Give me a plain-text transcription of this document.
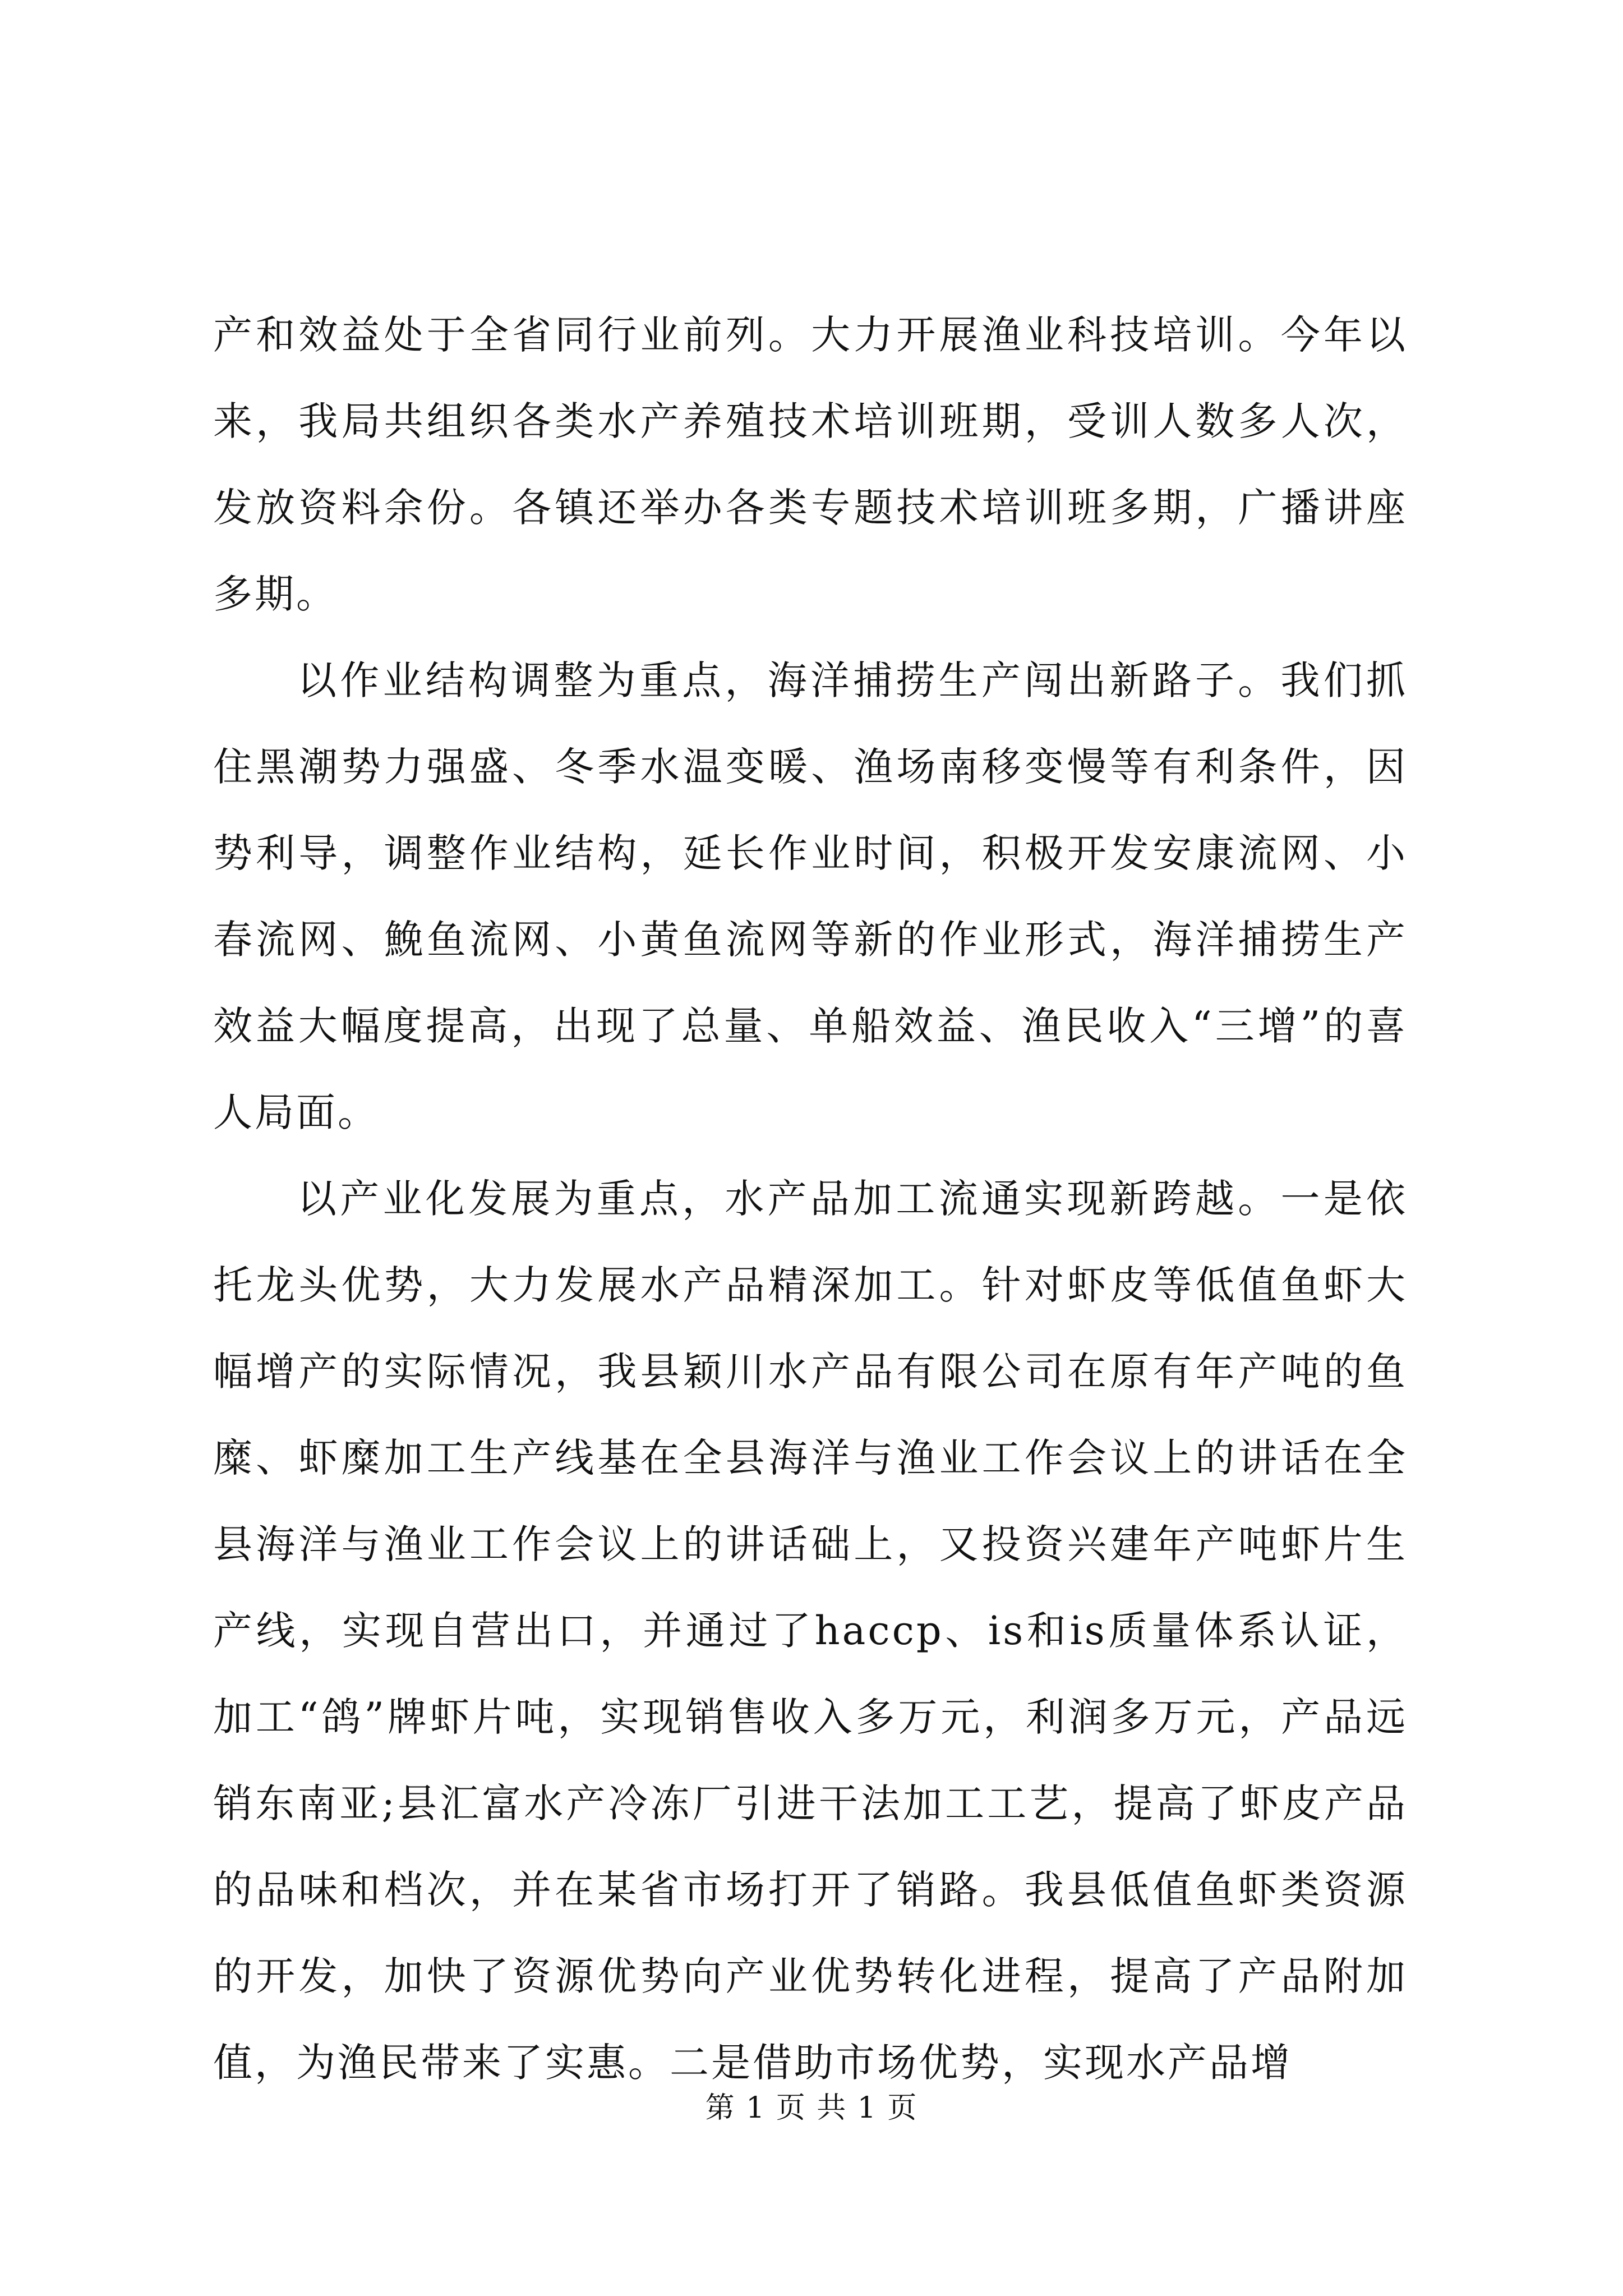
产和效益处于全省同行业前列。大力开展渔业科技培训。今年以来，我局共组织各类水产养殖技术培训班期，受训人数多人次，发放资料余份。各镇还举办各类专题技术培训班多期，广播讲座多期。

以作业结构调整为重点，海洋捕捞生产闯出新路子。我们抓住黑潮势力强盛、冬季水温变暖、渔场南移变慢等有利条件，因势利导，调整作业结构，延长作业时间，积极开发安康流网、小春流网、鮸鱼流网、小黄鱼流网等新的作业形式，海洋捕捞生产效益大幅度提高，出现了总量、单船效益、渔民收入“三增”的喜人局面。

以产业化发展为重点，水产品加工流通实现新跨越。一是依托龙头优势，大力发展水产品精深加工。针对虾皮等低值鱼虾大幅增产的实际情况，我县颖川水产品有限公司在原有年产吨的鱼糜、虾糜加工生产线基在全县海洋与渔业工作会议上的讲话在全县海洋与渔业工作会议上的讲话础上，又投资兴建年产吨虾片生产线，实现自营出口，并通过了haccp、is和is质量体系认证，加工“鸽”牌虾片吨，实现销售收入多万元，利润多万元，产品远销东南亚;县汇富水产冷冻厂引进干法加工工艺，提高了虾皮产品的品味和档次，并在某省市场打开了销路。我县低值鱼虾类资源的开发，加快了资源优势向产业优势转化进程，提高了产品附加值，为渔民带来了实惠。二是借助市场优势，实现水产品增

第 1 页 共 1 页
